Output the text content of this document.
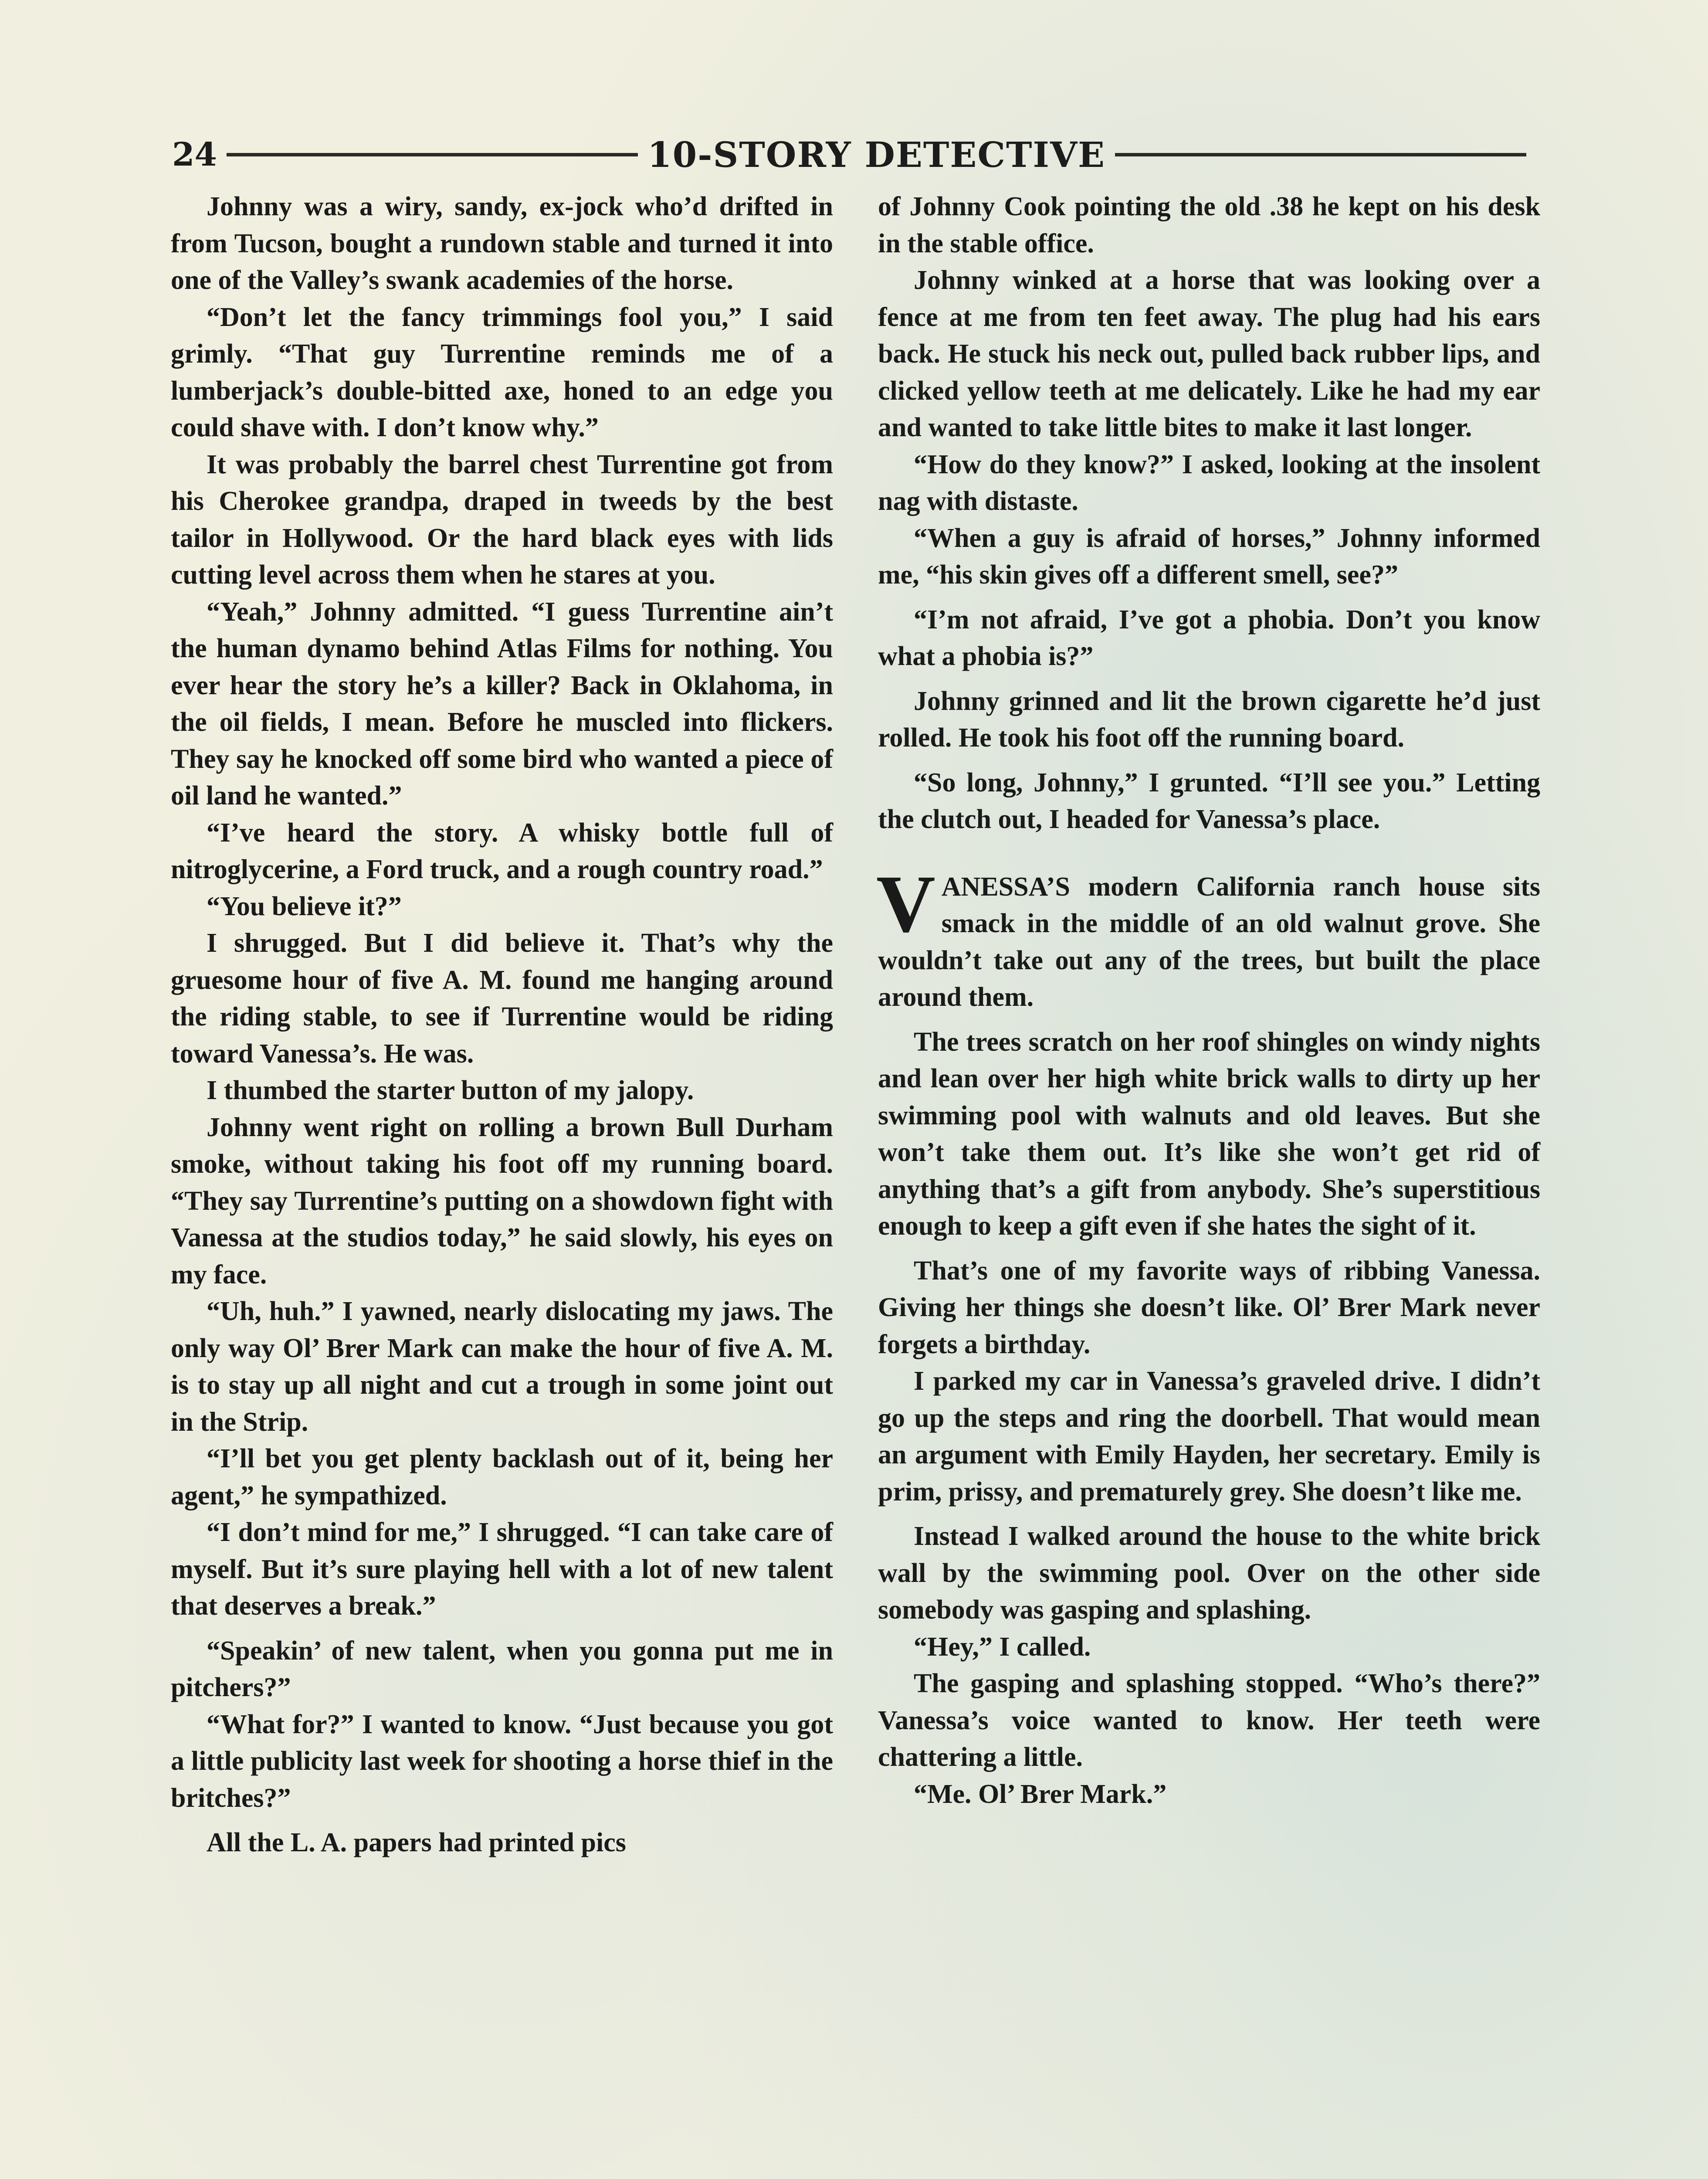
24	10-STORY DETECTIVE

Johnny was a wiry, sandy, ex-jock who’d drifted in from Tucson, bought a rundown stable and turned it into one of the Valley’s swank academies of the horse.

“Don’t let the fancy trimmings fool you,” I said grimly. “That guy Turrentine reminds me of a lumberjack’s double-bitted axe, honed to an edge you could shave with. I don’t know why.”

It was probably the barrel chest Turrentine got from his Cherokee grandpa, draped in tweeds by the best tailor in Hollywood. Or the hard black eyes with lids cutting level across them when he stares at you.

“Yeah,” Johnny admitted. “I guess Turrentine ain’t the human dynamo behind Atlas Films for nothing. You ever hear the story he’s a killer? Back in Oklahoma, in the oil fields, I mean. Before he muscled into flickers. They say he knocked off some bird who wanted a piece of oil land he wanted.”

“I’ve heard the story. A whisky bottle full of nitroglycerine, a Ford truck, and a rough country road.”

“You believe it?”

I shrugged. But I did believe it. That’s why the gruesome hour of five A. M. found me hanging around the riding stable, to see if Turrentine would be riding toward Vanessa’s. He was.

I thumbed the starter button of my jalopy.

Johnny went right on rolling a brown Bull Durham smoke, without taking his foot off my running board. “They say Turrentine’s putting on a showdown fight with Vanessa at the studios today,” he said slowly, his eyes on my face.

“Uh, huh.” I yawned, nearly dislocating my jaws. The only way Ol’ Brer Mark can make the hour of five A. M. is to stay up all night and cut a trough in some joint out in the Strip.

“I’ll bet you get plenty backlash out of it, being her agent,” he sympathized.

“I don’t mind for me,” I shrugged. “I can take care of myself. But it’s sure playing hell with a lot of new talent that deserves a break.”

“Speakin’ of new talent, when you gonna put me in pitchers?”

“What for?” I wanted to know. “Just because you got a little publicity last week for shooting a horse thief in the britches?”

All the L. A. papers had printed pics

of Johnny Cook pointing the old .38 he kept on his desk in the stable office.

Johnny winked at a horse that was looking over a fence at me from ten feet away. The plug had his ears back. He stuck his neck out, pulled back rubber lips, and clicked yellow teeth at me delicately. Like he had my ear and wanted to take little bites to make it last longer.

“How do they know?” I asked, looking at the insolent nag with distaste.

“When a guy is afraid of horses,” Johnny informed me, “his skin gives off a different smell, see?”

“I’m not afraid, I’ve got a phobia. Don’t you know what a phobia is?”

Johnny grinned and lit the brown cigarette he’d just rolled. He took his foot off the running board.

“So long, Johnny,” I grunted. “I’ll see you.” Letting the clutch out, I headed for Vanessa’s place.

VANESSA’S modern California ranch house sits smack in the middle of an old walnut grove. She wouldn’t take out any of the trees, but built the place around them.

The trees scratch on her roof shingles on windy nights and lean over her high white brick walls to dirty up her swimming pool with walnuts and old leaves. But she won’t take them out. It’s like she won’t get rid of anything that’s a gift from anybody. She’s superstitious enough to keep a gift even if she hates the sight of it.

That’s one of my favorite ways of ribbing Vanessa. Giving her things she doesn’t like. Ol’ Brer Mark never forgets a birthday.

I parked my car in Vanessa’s graveled drive. I didn’t go up the steps and ring the doorbell. That would mean an argument with Emily Hayden, her secretary. Emily is prim, prissy, and prematurely grey. She doesn’t like me.

Instead I walked around the house to the white brick wall by the swimming pool. Over on the other side somebody was gasping and splashing.

“Hey,” I called.

The gasping and splashing stopped. “Who’s there?” Vanessa’s voice wanted to know. Her teeth were chattering a little.

“Me. Ol’ Brer Mark.”
